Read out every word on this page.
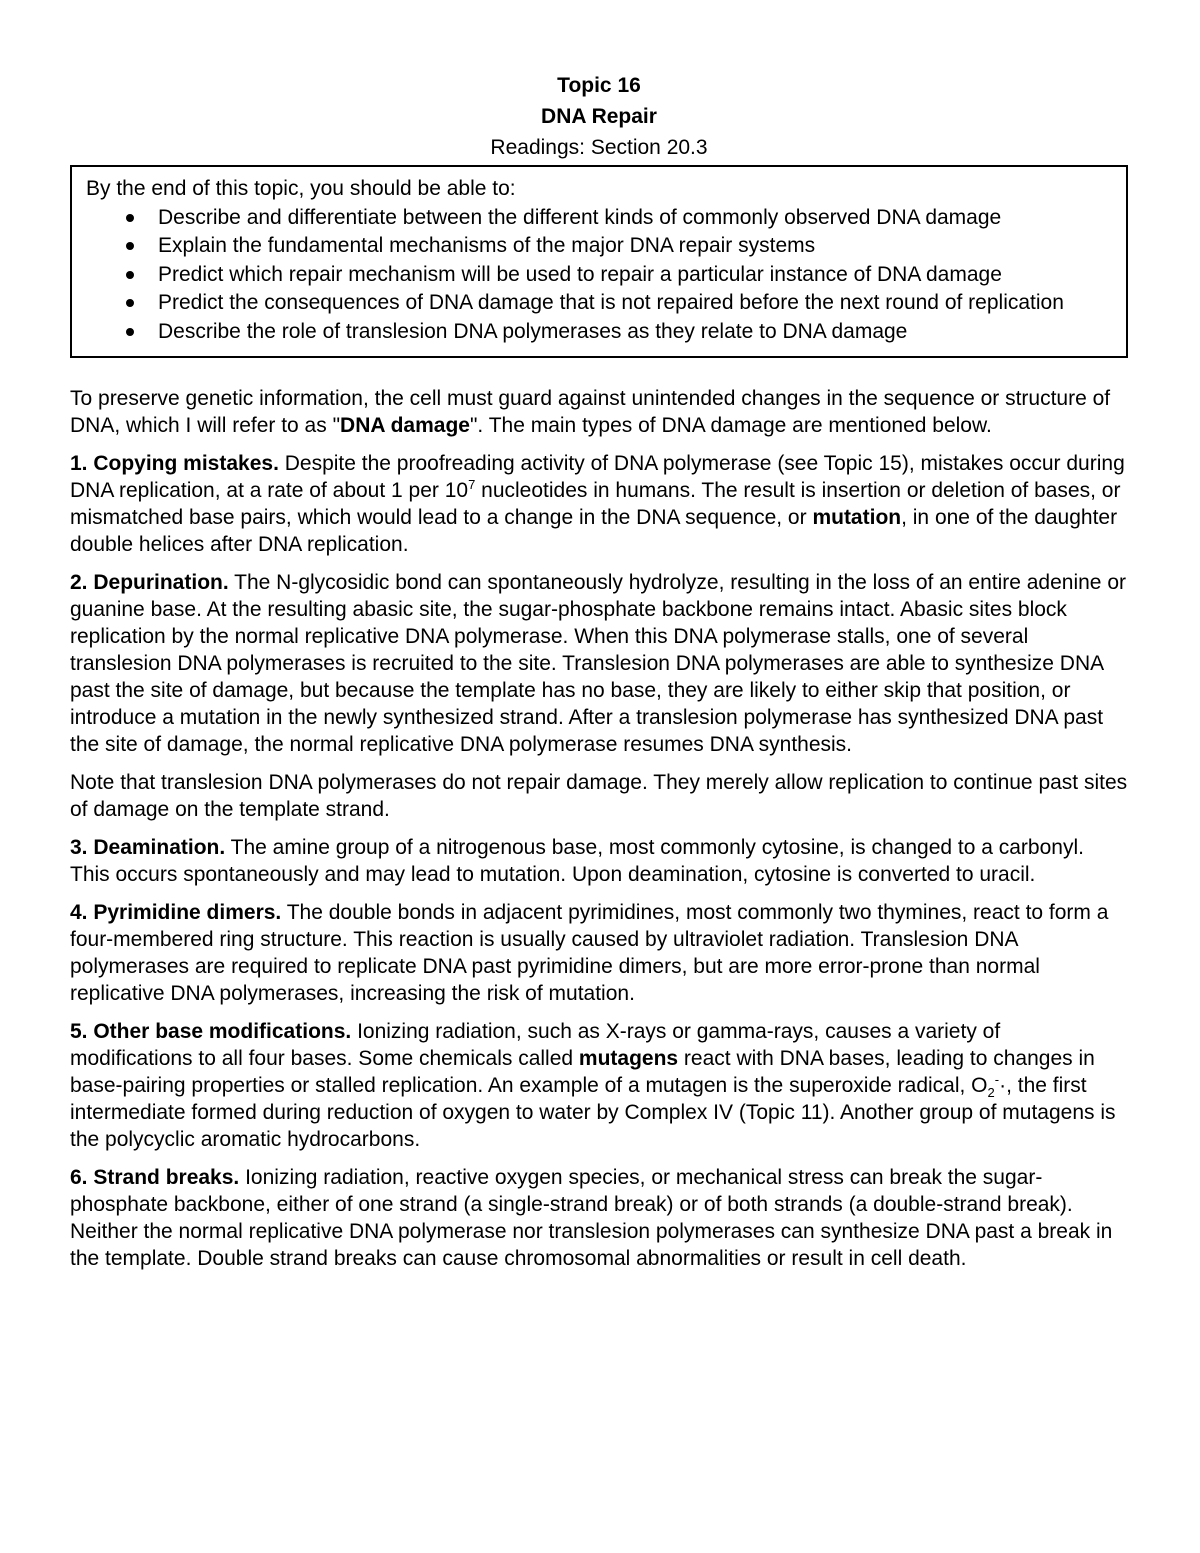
Topic 16
DNA Repair
Readings: Section 20.3
By the end of this topic, you should be able to:
Describe and differentiate between the different kinds of commonly observed DNA damage
Explain the fundamental mechanisms of the major DNA repair systems
Predict which repair mechanism will be used to repair a particular instance of DNA damage
Predict the consequences of DNA damage that is not repaired before the next round of replication
Describe the role of translesion DNA polymerases as they relate to DNA damage

To preserve genetic information, the cell must guard against unintended changes in the sequence or structure of DNA, which I will refer to as "DNA damage". The main types of DNA damage are mentioned below.

1. Copying mistakes. Despite the proofreading activity of DNA polymerase (see Topic 15), mistakes occur during DNA replication, at a rate of about 1 per $10^7$ nucleotides in humans. The result is insertion or deletion of bases, or mismatched base pairs, which would lead to a change in the DNA sequence, or mutation, in one of the daughter double helices after DNA replication.

2. Depurination. The N-glycosidic bond can spontaneously hydrolyze, resulting in the loss of an entire adenine or guanine base. At the resulting abasic site, the sugar-phosphate backbone remains intact. Abasic sites block replication by the normal replicative DNA polymerase. When this DNA polymerase stalls, one of several translesion DNA polymerases is recruited to the site. Translesion DNA polymerases are able to synthesize DNA past the site of damage, but because the template has no base, they are likely to either skip that position, or introduce a mutation in the newly synthesized strand. After a translesion polymerase has synthesized DNA past the site of damage, the normal replicative DNA polymerase resumes DNA synthesis.

Note that translesion DNA polymerases do not repair damage. They merely allow replication to continue past sites of damage on the template strand.

3. Deamination. The amine group of a nitrogenous base, most commonly cytosine, is changed to a carbonyl. This occurs spontaneously and may lead to mutation. Upon deamination, cytosine is converted to uracil.

4. Pyrimidine dimers. The double bonds in adjacent pyrimidines, most commonly two thymines, react to form a four-membered ring structure. This reaction is usually caused by ultraviolet radiation. Translesion DNA polymerases are required to replicate DNA past pyrimidine dimers, but are more error-prone than normal replicative DNA polymerases, increasing the risk of mutation.

5. Other base modifications. Ionizing radiation, such as X-rays or gamma-rays, causes a variety of modifications to all four bases. Some chemicals called mutagens react with DNA bases, leading to changes in base-pairing properties or stalled replication. An example of a mutagen is the superoxide radical, $O_2^-\cdot$, the first intermediate formed during reduction of oxygen to water by Complex IV (Topic 11). Another group of mutagens is the polycyclic aromatic hydrocarbons.

6. Strand breaks. Ionizing radiation, reactive oxygen species, or mechanical stress can break the sugar-phosphate backbone, either of one strand (a single-strand break) or of both strands (a double-strand break). Neither the normal replicative DNA polymerase nor translesion polymerases can synthesize DNA past a break in the template. Double strand breaks can cause chromosomal abnormalities or result in cell death.
